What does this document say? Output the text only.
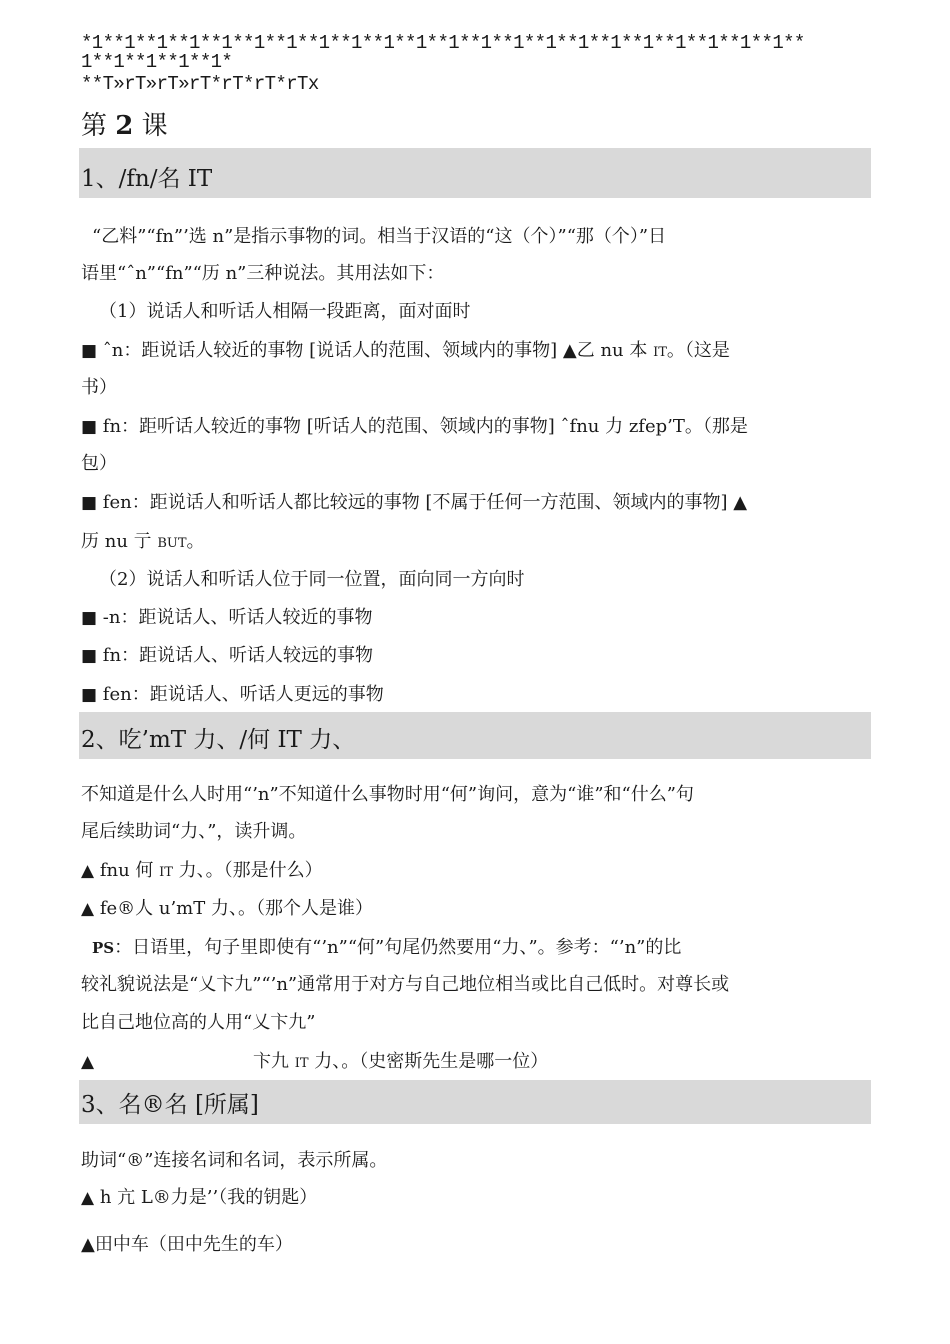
*1**1**1**1**1**1**1**1**1**1**1**1**1**1**1**1**1**1**1**1**1**1**
1**1**1**1**1*
**T»rT»rT»rT*rT*rT*rTx
第 2 课
1、/fn/名 IT
“乙料”“fn”’选 n”是指示事物的词。相当于汉语的“这（个）”“那（个）”日
语里“ˆn”“fn”“历 n”三种说法。其用法如下：
（1）说话人和听话人相隔一段距离，面对面时
■ ˆn：距说话人较近的事物 [说话人的范围、领域内的事物] ▲乙 nu 本 IT。（这是
书）
■ fn：距听话人较近的事物 [听话人的范围、领域内的事物] ˆfnu 力 zfep’T。（那是
包）
■ fen：距说话人和听话人都比较远的事物 [不属于任何一方范围、领域内的事物] ▲
历 nu 亍 BUT。
（2）说话人和听话人位于同一位置，面向同一方向时
■ -n：距说话人、听话人较近的事物
■ fn：距说话人、听话人较远的事物
■ fen：距说话人、听话人更远的事物
2、吃’mT 力、/何 IT 力、
不知道是什么人时用“’n”不知道什么事物时用“何”询问，意为“谁”和“什么”句
尾后续助词“力、”，读升调。
▲ fnu 何 IT 力、。（那是什么）
▲ fe®人 u’mT 力、。（那个人是谁）
PS：日语里，句子里即使有“’n”“何”句尾仍然要用“力、”。参考：“’n”的比
较礼貌说法是“乂卞九”“’n”通常用于对方与自己地位相当或比自己低时。对尊长或
比自己地位高的人用“乂卞九”
▲	卞九 IT 力、。（史密斯先生是哪一位）
3、名®名 [所属]
助词“®”连接名词和名词，表示所属。
▲ h 亢 L®力是’’（我的钥匙）
▲田中车（田中先生的车）
